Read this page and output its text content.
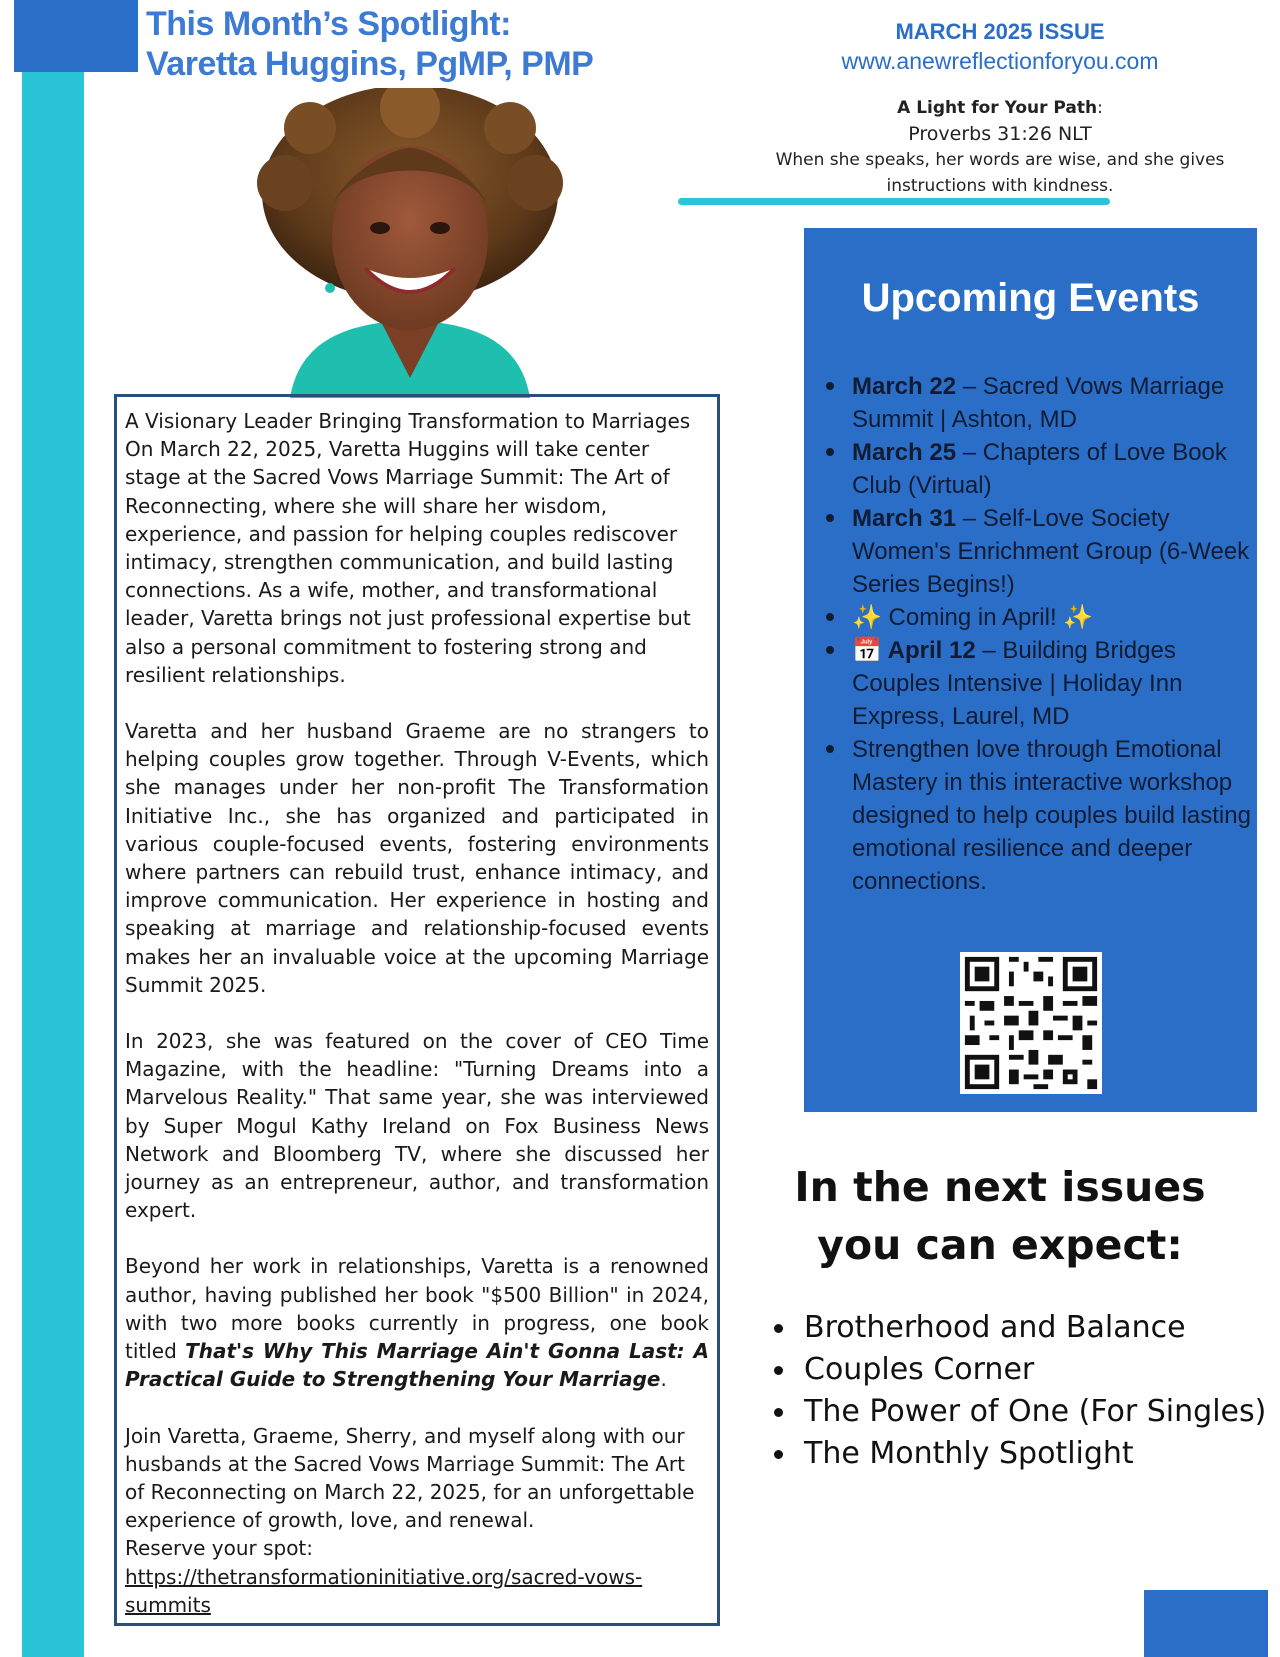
This Month’s Spotlight:
Varetta Huggins, PgMP, PMP
MARCH 2025 ISSUE
www.anewreflectionforyou.com
A Light for Your Path:
Proverbs 31:26 NLT
When she speaks, her words are wise, and she gives instructions with kindness.

A Visionary Leader Bringing Transformation to Marriages
On March 22, 2025, Varetta Huggins will take center stage at the Sacred Vows Marriage Summit: The Art of Reconnecting, where she will share her wisdom, experience, and passion for helping couples rediscover intimacy, strengthen communication, and build lasting connections. As a wife, mother, and transformational leader, Varetta brings not just professional expertise but also a personal commitment to fostering strong and resilient relationships.

Varetta and her husband Graeme are no strangers to helping couples grow together. Through V-Events, which she manages under her non-profit The Transformation Initiative Inc., she has organized and participated in various couple-focused events, fostering environments where partners can rebuild trust, enhance intimacy, and improve communication. Her experience in hosting and speaking at marriage and relationship-focused events makes her an invaluable voice at the upcoming Marriage Summit 2025.

In 2023, she was featured on the cover of CEO Time Magazine, with the headline: "Turning Dreams into a Marvelous Reality." That same year, she was interviewed by Super Mogul Kathy Ireland on Fox Business News Network and Bloomberg TV, where she discussed her journey as an entrepreneur, author, and transformation expert.

Beyond her work in relationships, Varetta is a renowned author, having published her book "$500 Billion" in 2024, with two more books currently in progress, one book titled That's Why This Marriage Ain't Gonna Last: A Practical Guide to Strengthening Your Marriage.

Join Varetta, Graeme, Sherry, and myself along with our husbands at the Sacred Vows Marriage Summit: The Art of Reconnecting on March 22, 2025, for an unforgettable experience of growth, love, and renewal.
Reserve your spot:
https://thetransformationinitiative.org/sacred-vows-summits

Upcoming Events
March 22 – Sacred Vows Marriage Summit | Ashton, MD
March 25 – Chapters of Love Book Club (Virtual)
March 31 – Self-Love Society Women's Enrichment Group (6-Week Series Begins!)
✨ Coming in April! ✨
📅 April 12 – Building Bridges Couples Intensive | Holiday Inn Express, Laurel, MD
Strengthen love through Emotional Mastery in this interactive workshop designed to help couples build lasting emotional resilience and deeper connections.
In the next issues you can expect:
Brotherhood and Balance
Couples Corner
The Power of One (For Singles)
The Monthly Spotlight
